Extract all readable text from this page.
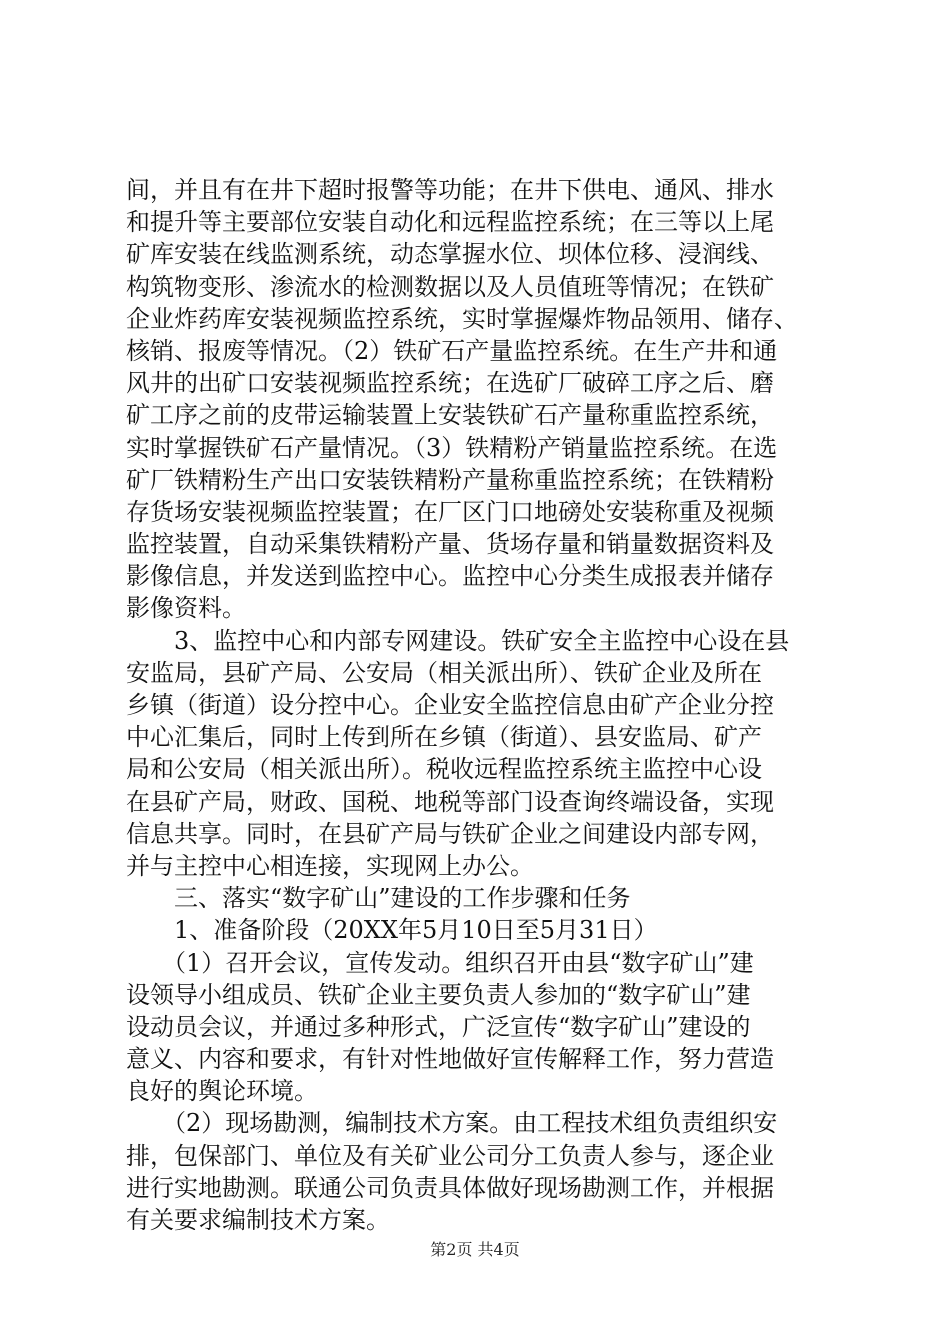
间，并且有在井下超时报警等功能；在井下供电、通风、排水
和提升等主要部位安装自动化和远程监控系统；在三等以上尾
矿库安装在线监测系统，动态掌握水位、坝体位移、浸润线、
构筑物变形、渗流水的检测数据以及人员值班等情况；在铁矿
企业炸药库安装视频监控系统，实时掌握爆炸物品领用、储存、
核销、报废等情况。（2）铁矿石产量监控系统。在生产井和通
风井的出矿口安装视频监控系统；在选矿厂破碎工序之后、磨
矿工序之前的皮带运输装置上安装铁矿石产量称重监控系统，
实时掌握铁矿石产量情况。（3）铁精粉产销量监控系统。在选
矿厂铁精粉生产出口安装铁精粉产量称重监控系统；在铁精粉
存货场安装视频监控装置；在厂区门口地磅处安装称重及视频
监控装置，自动采集铁精粉产量、货场存量和销量数据资料及
影像信息，并发送到监控中心。监控中心分类生成报表并储存
影像资料。
　　3、监控中心和内部专网建设。铁矿安全主监控中心设在县
安监局，县矿产局、公安局（相关派出所）、铁矿企业及所在
乡镇（街道）设分控中心。企业安全监控信息由矿产企业分控
中心汇集后，同时上传到所在乡镇（街道）、县安监局、矿产
局和公安局（相关派出所）。税收远程监控系统主监控中心设
在县矿产局，财政、国税、地税等部门设查询终端设备，实现
信息共享。同时，在县矿产局与铁矿企业之间建设内部专网，
并与主控中心相连接，实现网上办公。
　　三、落实“数字矿山”建设的工作步骤和任务
　　1、准备阶段（20XX年5月10日至5月31日）
　　（1）召开会议，宣传发动。组织召开由县“数字矿山”建
设领导小组成员、铁矿企业主要负责人参加的“数字矿山”建
设动员会议，并通过多种形式，广泛宣传“数字矿山”建设的
意义、内容和要求，有针对性地做好宣传解释工作，努力营造
良好的舆论环境。
　　（2）现场勘测，编制技术方案。由工程技术组负责组织安
排，包保部门、单位及有关矿业公司分工负责人参与，逐企业
进行实地勘测。联通公司负责具体做好现场勘测工作，并根据
有关要求编制技术方案。
第2页 共4页
